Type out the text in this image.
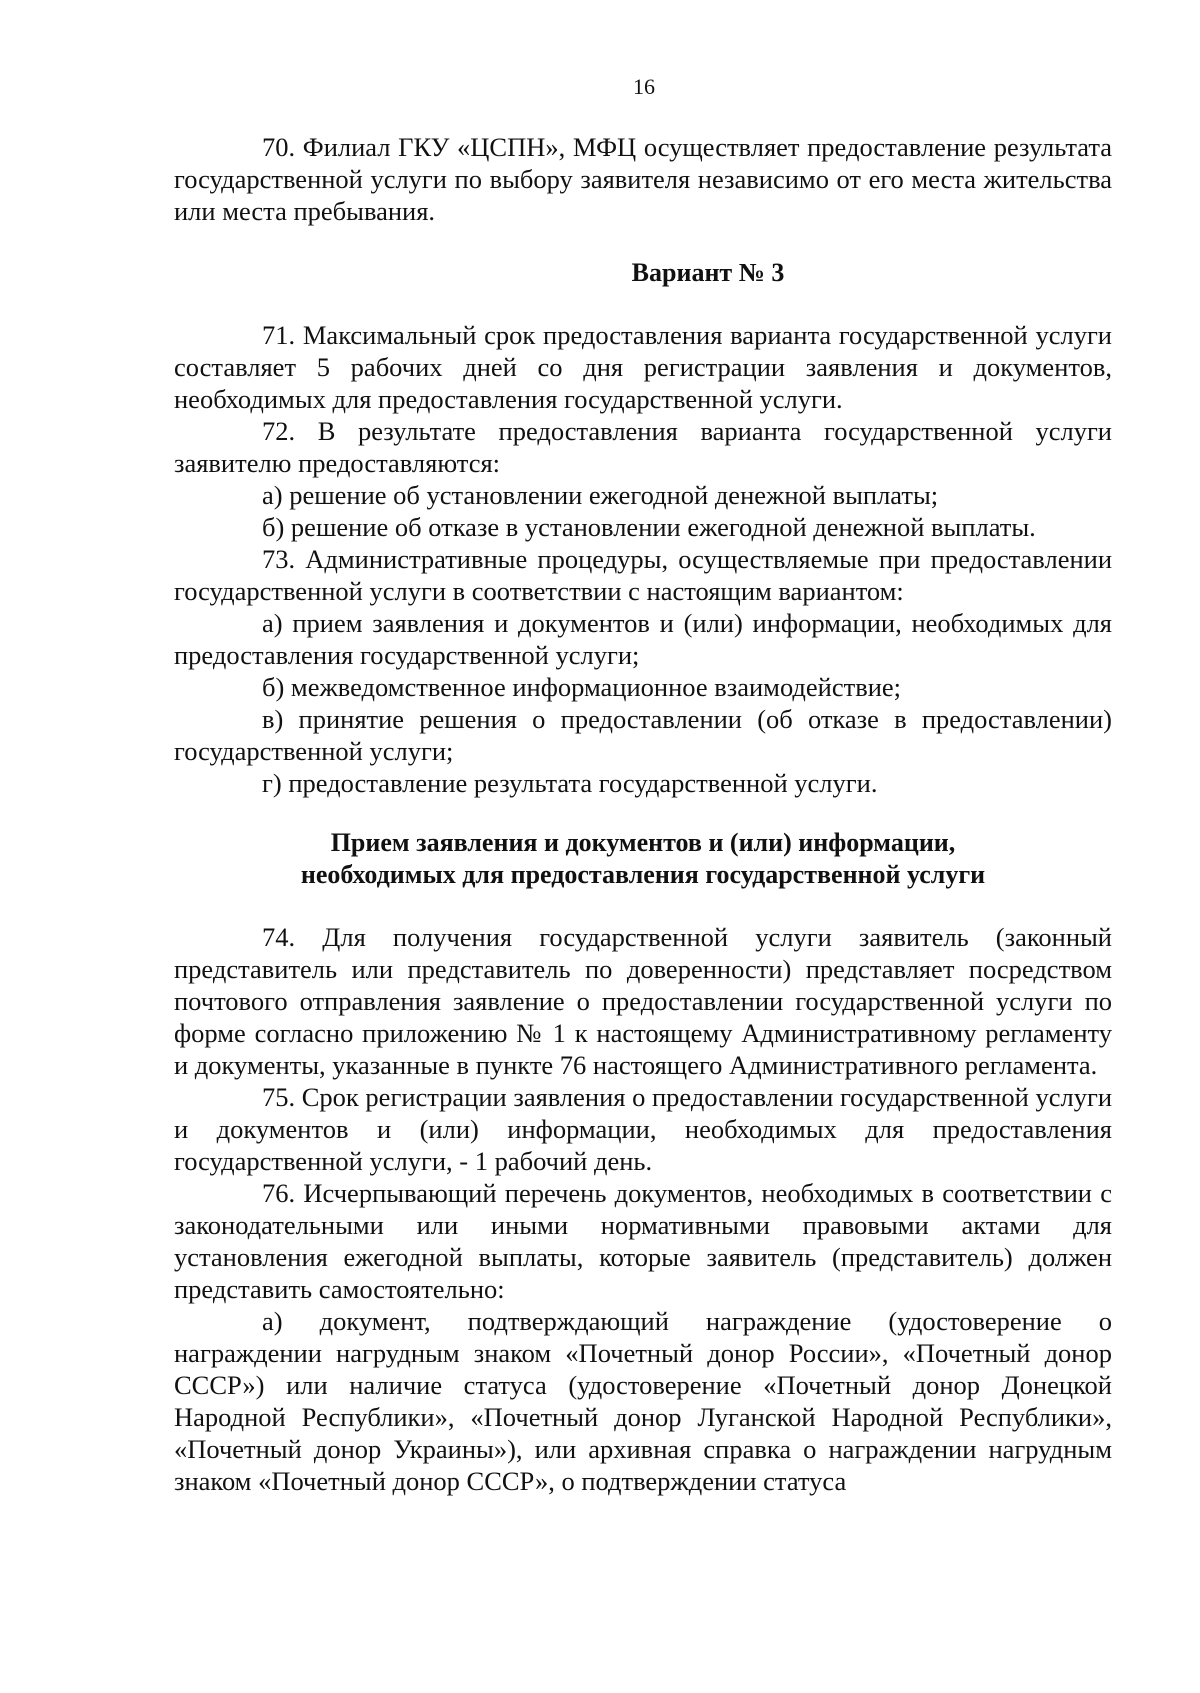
16

70. Филиал ГКУ «ЦСПН», МФЦ осуществляет предоставление результата государственной услуги по выбору заявителя независимо от его места жительства или места пребывания.

Вариант № 3

71. Максимальный срок предоставления варианта государственной услуги составляет 5 рабочих дней со дня регистрации заявления и документов, необходимых для предоставления государственной услуги.

72. В результате предоставления варианта государственной услуги заявителю предоставляются:

а) решение об установлении ежегодной денежной выплаты;

б) решение об отказе в установлении ежегодной денежной выплаты.

73. Административные процедуры, осуществляемые при предоставлении государственной услуги в соответствии с настоящим вариантом:

а) прием заявления и документов и (или) информации, необходимых для предоставления государственной услуги;

б) межведомственное информационное взаимодействие;

в) принятие решения о предоставлении (об отказе в предоставлении) государственной услуги;

г) предоставление результата государственной услуги.

Прием заявления и документов и (или) информации,
необходимых для предоставления государственной услуги

74. Для получения государственной услуги заявитель (законный представитель или представитель по доверенности) представляет посредством почтового отправления заявление о предоставлении государственной услуги по форме согласно приложению № 1 к настоящему Административному регламенту и документы, указанные в пункте 76 настоящего Административного регламента.

75. Срок регистрации заявления о предоставлении государственной услуги и документов и (или) информации, необходимых для предоставления государственной услуги, - 1 рабочий день.

76. Исчерпывающий перечень документов, необходимых в соответствии с законодательными или иными нормативными правовыми актами для установления ежегодной выплаты, которые заявитель (представитель) должен представить самостоятельно:

а) документ, подтверждающий награждение (удостоверение о награждении нагрудным знаком «Почетный донор России», «Почетный донор СССР») или наличие статуса (удостоверение «Почетный донор Донецкой Народной Республики», «Почетный донор Луганской Народной Республики», «Почетный донор Украины»), или архивная справка о награждении нагрудным знаком «Почетный донор СССР», о подтверждении статуса
